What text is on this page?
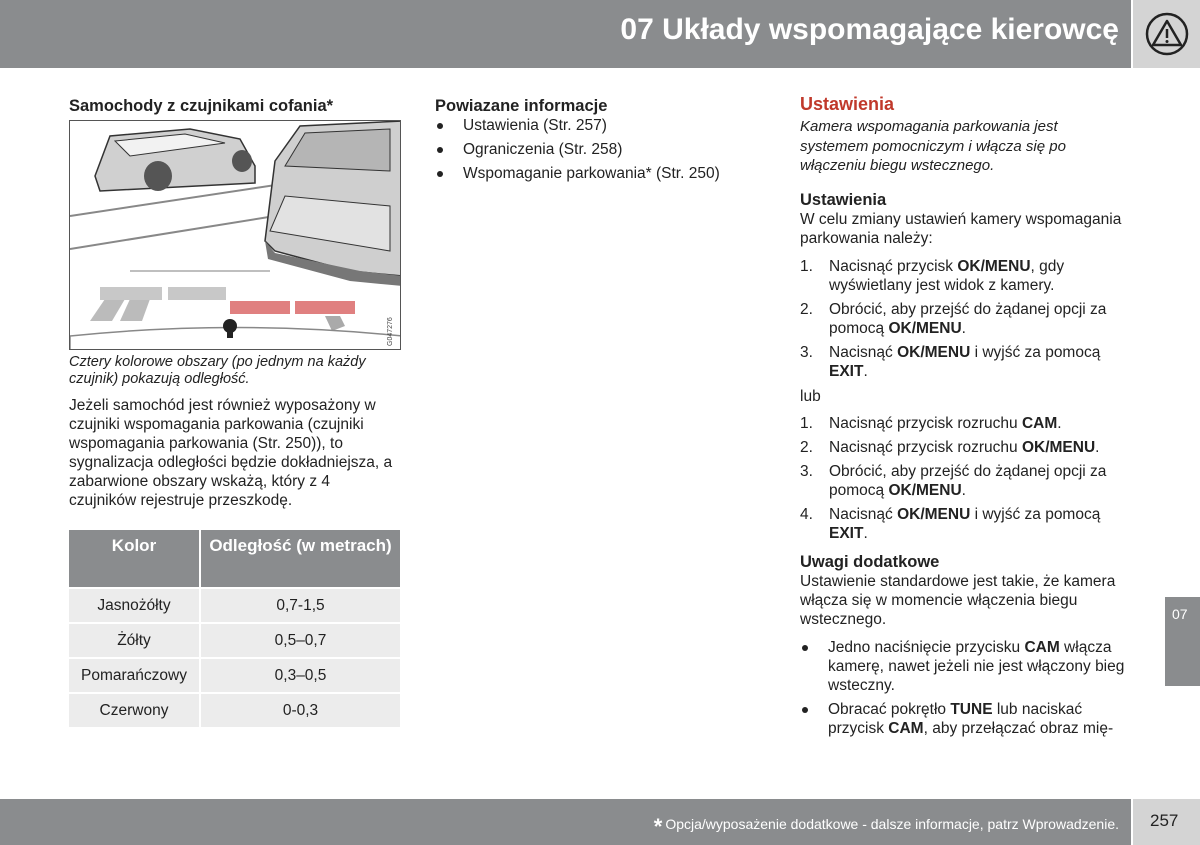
07 Układy wspomagające kierowcę
Samochody z czujnikami cofania*
G047276

Cztery kolorowe obszary (po jednym na każdy czujnik) pokazują odległość.

Jeżeli samochód jest również wyposażony w czujniki wspomagania parkowania (czujniki wspomagania parkowania (Str. 250)), to sygnalizacja odległości będzie dokładniejsza, a zabarwione obszary wskażą, który z 4 czujników rejestruje przeszkodę.

Kolor	Odległość (w metrach)
Jasnożółty	0,7-1,5
Żółty	0,5–0,7
Pomarańczowy	0,3–0,5
Czerwony	0-0,3
Powiazane informacje
Ustawienia (Str. 257)
Ograniczenia (Str. 258)
Wspomaganie parkowania* (Str. 250)
Ustawienia

Kamera wspomagania parkowania jest systemem pomocniczym i włącza się po włączeniu biegu wstecznego.

Ustawienia

W celu zmiany ustawień kamery wspomagania parkowania należy:

1. Nacisnąć przycisk OK/MENU, gdy wyświetlany jest widok z kamery.
2. Obrócić, aby przejść do żądanej opcji za pomocą OK/MENU.
3. Nacisnąć OK/MENU i wyjść za pomocą EXIT.

lub

1. Nacisnąć przycisk rozruchu CAM.
2. Nacisnąć przycisk rozruchu OK/MENU.
3. Obrócić, aby przejść do żądanej opcji za pomocą OK/MENU.
4. Nacisnąć OK/MENU i wyjść za pomocą EXIT.
Uwagi dodatkowe

Ustawienie standardowe jest takie, że kamera włącza się w momencie włączenia biegu wstecznego.

Jedno naciśnięcie przycisku CAM włącza kamerę, nawet jeżeli nie jest włączony bieg wsteczny.
Obracać pokrętło TUNE lub naciskać przycisk CAM, aby przełączać obraz mię-
07
* Opcja/wyposażenie dodatkowe - dalsze informacje, patrz Wprowadzenie. 257
